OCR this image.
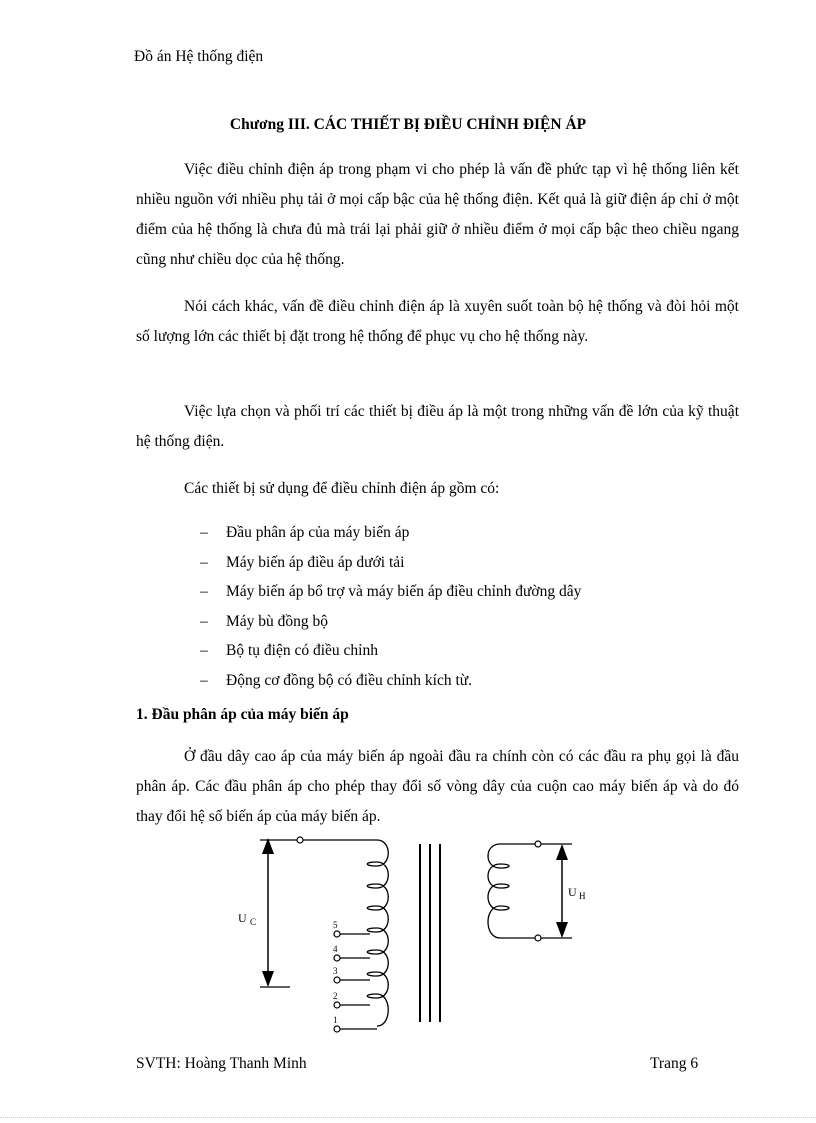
Đồ án Hệ thống điện
Chương III. CÁC THIẾT BỊ ĐIỀU CHỈNH ĐIỆN ÁP
Việc điều chỉnh điện áp trong phạm vi cho phép là vấn đề phức tạp vì hệ thống liên kết nhiều nguồn với nhiều phụ tải ở mọi cấp bậc của hệ thống điện. Kết quả là giữ điện áp chỉ ở một điểm của hệ thống là chưa đủ mà trái lại phải giữ ở nhiều điểm ở mọi cấp bậc theo chiều ngang cũng như chiều dọc của hệ thống.
Nói cách khác, vấn đề điều chỉnh điện áp là xuyên suốt toàn bộ hệ thống và đòi hỏi một số lượng lớn các thiết bị đặt trong hệ thống để phục vụ cho hệ thống này.
Việc lựa chọn và phối trí các thiết bị điều áp là một trong những vấn đề lớn của kỹ thuật hệ thống điện.
Các thiết bị sử dụng để điều chỉnh điện áp gồm có:
– Đầu phân áp của máy biến áp
– Máy biến áp điều áp dưới tải
– Máy biến áp bổ trợ và máy biến áp điều chỉnh đường dây
– Máy bù đồng bộ
– Bộ tụ điện có điều chỉnh
– Động cơ đồng bộ có điều chỉnh kích từ.
1. Đầu phân áp của máy biến áp
Ở đầu dây cao áp của máy biến áp ngoài đầu ra chính còn có các đầu ra phụ gọi là đầu phân áp. Các đầu phân áp cho phép thay đổi số vòng dây của cuộn cao máy biến áp và do đó thay đổi hệ số biến áp của máy biến áp.
U C	5
4
3
2
1
U H
SVTH: Hoàng Thanh Minh	Trang 6
